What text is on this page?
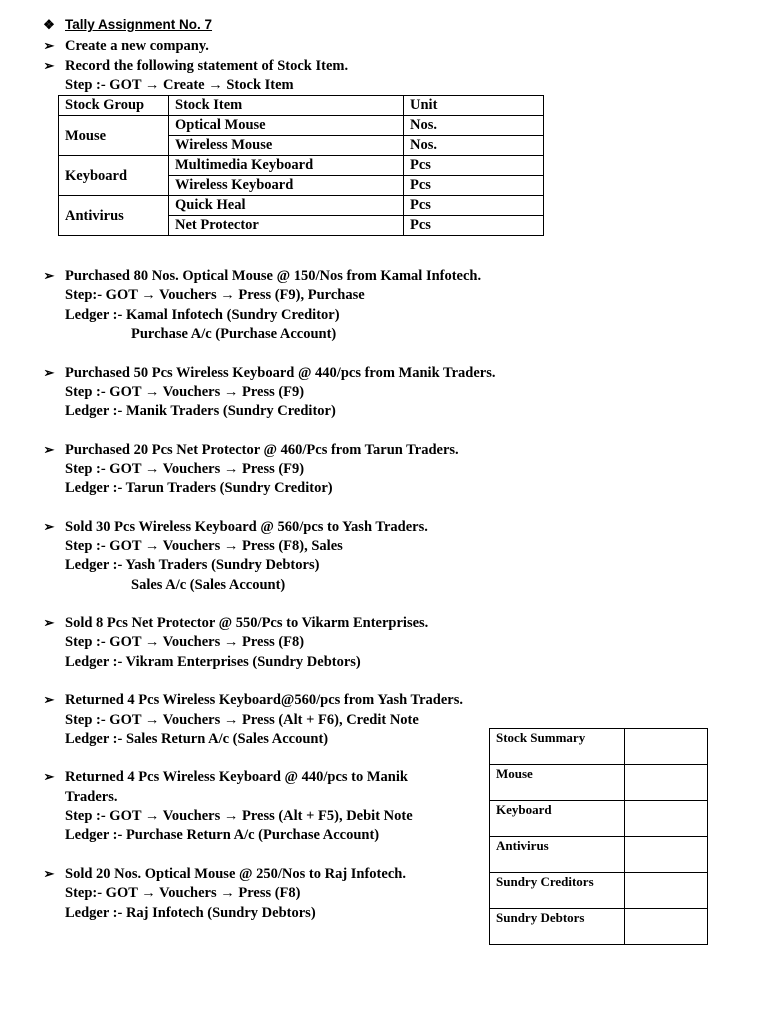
❖ Tally Assignment No. 7
➢ Create a new company.
➢ Record the following statement of Stock Item.
Step :- GOT → Create → Stock Item
Stock Group	Stock Item	Unit
Mouse	Optical Mouse	Nos.
	Wireless Mouse	Nos.
Keyboard	Multimedia Keyboard	Pcs
	Wireless Keyboard	Pcs
Antivirus	Quick Heal	Pcs
	Net Protector	Pcs
➢ Purchased 80 Nos. Optical Mouse @ 150/Nos from Kamal Infotech.
Step:- GOT → Vouchers → Press (F9), Purchase
Ledger :- Kamal Infotech (Sundry Creditor)
Purchase A/c (Purchase Account)
➢ Purchased 50 Pcs Wireless Keyboard @ 440/pcs from Manik Traders.
Step :- GOT → Vouchers → Press (F9)
Ledger :- Manik Traders (Sundry Creditor)
➢ Purchased 20 Pcs Net Protector @ 460/Pcs from Tarun Traders.
Step :- GOT → Vouchers → Press (F9)
Ledger :- Tarun Traders (Sundry Creditor)
➢ Sold 30 Pcs Wireless Keyboard @ 560/pcs to Yash Traders.
Step :- GOT → Vouchers → Press (F8), Sales
Ledger :- Yash Traders (Sundry Debtors)
Sales A/c (Sales Account)
➢ Sold 8 Pcs Net Protector @ 550/Pcs to Vikarm Enterprises.
Step :- GOT → Vouchers → Press (F8)
Ledger :- Vikram Enterprises (Sundry Debtors)
➢ Returned 4 Pcs Wireless Keyboard@560/pcs from Yash Traders.
Step :- GOT → Vouchers → Press (Alt + F6), Credit Note
Ledger :- Sales Return A/c (Sales Account)
➢ Returned 4 Pcs Wireless Keyboard @ 440/pcs to Manik
Traders.
Step :- GOT → Vouchers → Press (Alt + F5), Debit Note
Ledger :- Purchase Return A/c (Purchase Account)
➢ Sold 20 Nos. Optical Mouse @ 250/Nos to Raj Infotech.
Step:- GOT → Vouchers → Press (F8)
Ledger :- Raj Infotech (Sundry Debtors)
Stock Summary	
Mouse	
Keyboard	
Antivirus	
Sundry Creditors	
Sundry Debtors	
